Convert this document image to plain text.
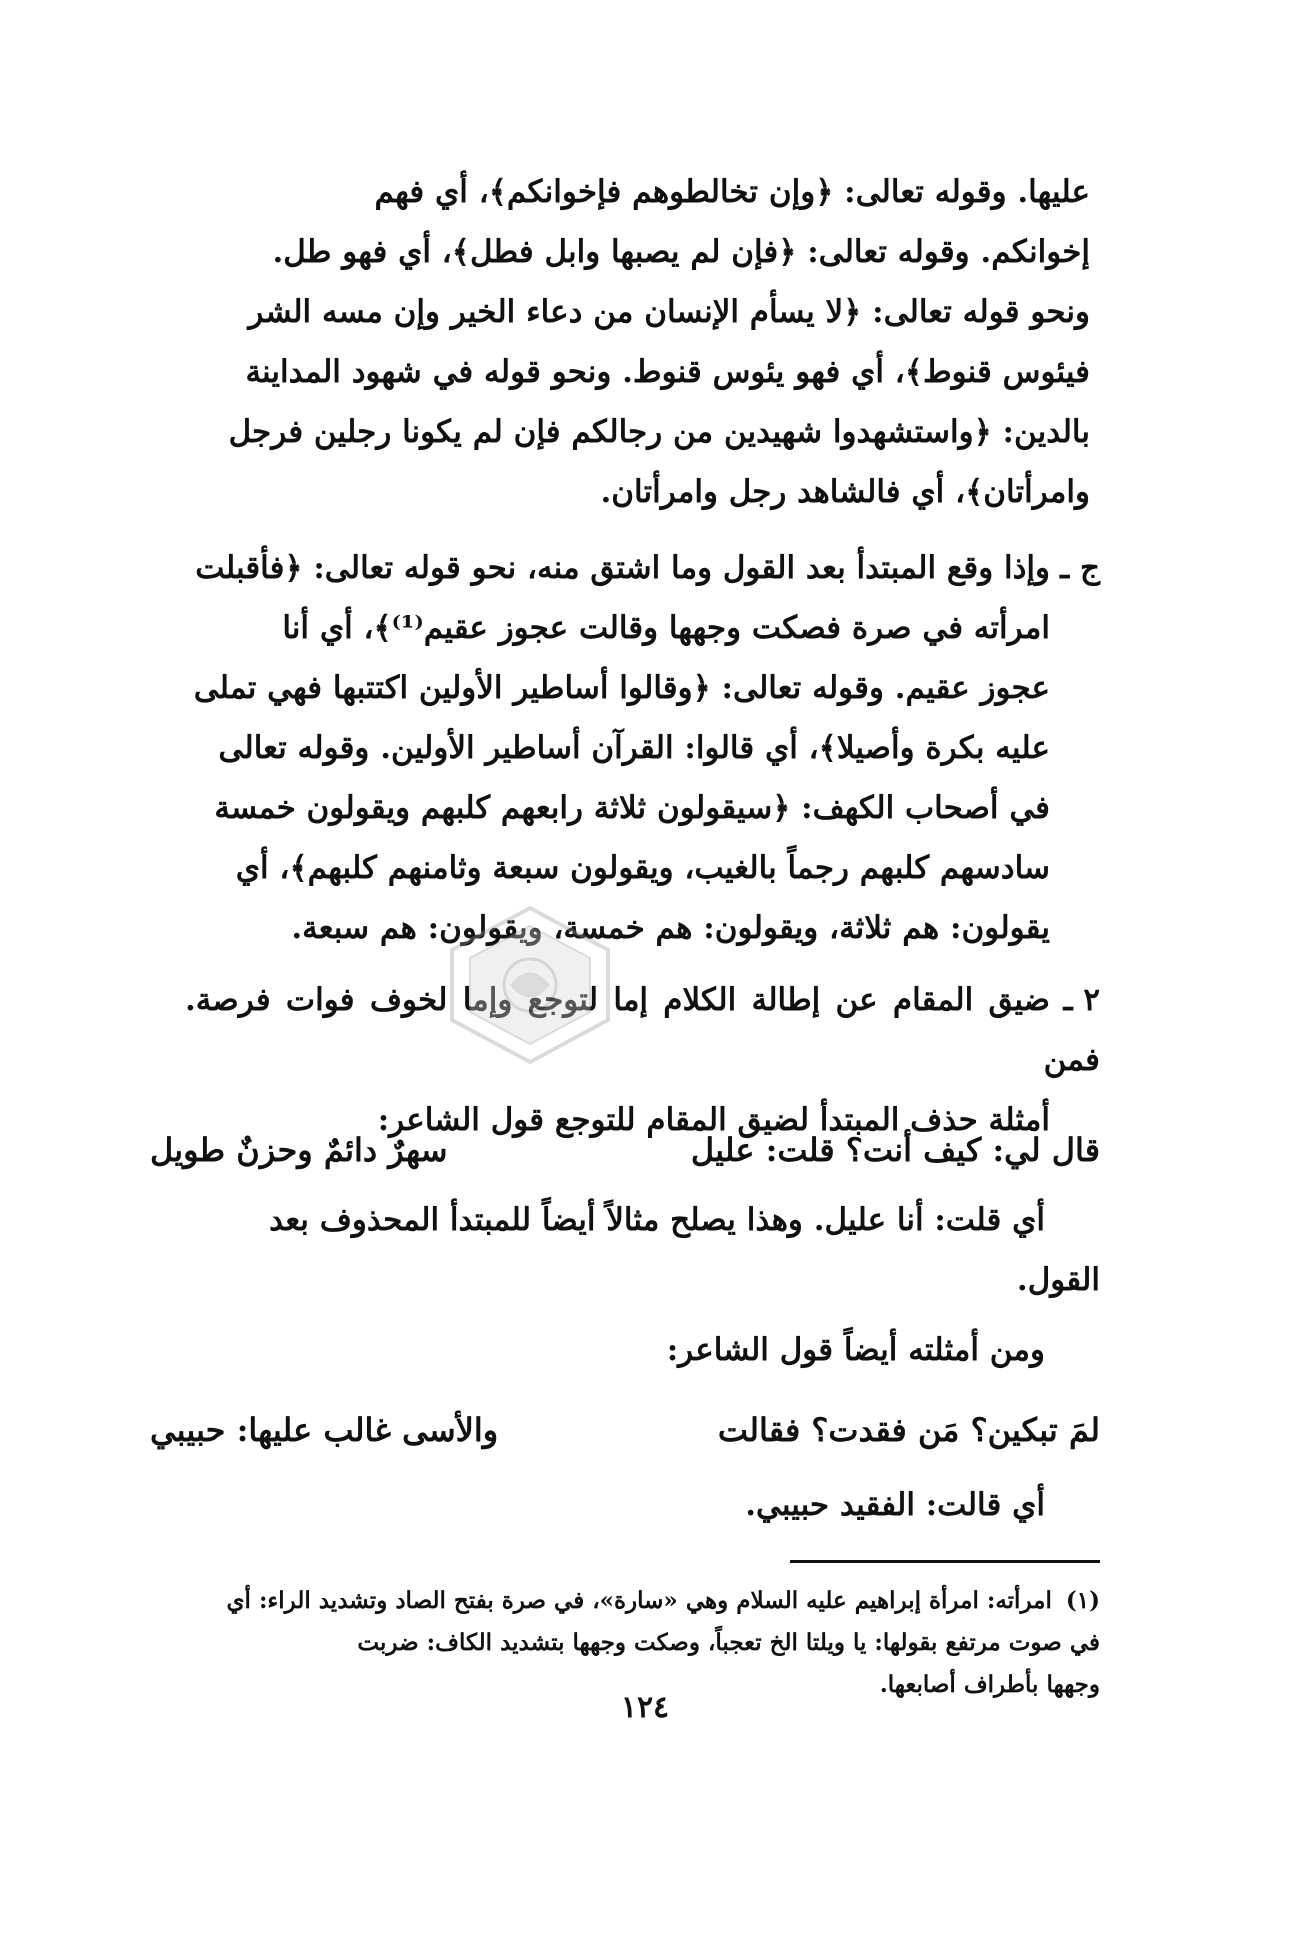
عليها. وقوله تعالى: ﴿وإن تخالطوهم فإخوانكم﴾، أي فهم
إخوانكم. وقوله تعالى: ﴿فإن لم يصبها وابل فطل﴾، أي فهو طل.
ونحو قوله تعالى: ﴿لا يسأم الإنسان من دعاء الخير وإن مسه الشر
فيئوس قنوط﴾، أي فهو يئوس قنوط. ونحو قوله في شهود المداينة
بالدين: ﴿واستشهدوا شهيدين من رجالكم فإن لم يكونا رجلين فرجل
وامرأتان﴾، أي فالشاهد رجل وامرأتان.
ج ـوإذا وقع المبتدأ بعد القول وما اشتق منه، نحو قوله تعالى: ﴿فأقبلت
امرأته في صرة فصكت وجهها وقالت عجوز عقيم⁽¹⁾﴾، أي أنا
عجوز عقيم. وقوله تعالى: ﴿وقالوا أساطير الأولين اكتتبها فهي تملى
عليه بكرة وأصيلا﴾، أي قالوا: القرآن أساطير الأولين. وقوله تعالى
في أصحاب الكهف: ﴿سيقولون ثلاثة رابعهم كلبهم ويقولون خمسة
سادسهم كلبهم رجماً بالغيب، ويقولون سبعة وثامنهم كلبهم﴾، أي
يقولون: هم ثلاثة، ويقولون: هم خمسة، ويقولون: هم سبعة.
٢ ـضيق المقام عن إطالة الكلام إما لتوجع وإما لخوف فوات فرصة. فمن
أمثلة حذف المبتدأ لضيق المقام للتوجع قول الشاعر:
قال لي: كيف أنت؟ قلت: عليل
سهرٌ دائمٌ وحزنٌ طويل
أي قلت: أنا عليل. وهذا يصلح مثالاً أيضاً للمبتدأ المحذوف بعد
القول.
ومن أمثلته أيضاً قول الشاعر:
لمَ تبكين؟ مَن فقدت؟ فقالت
والأسى غالب عليها: حبيبي
أي قالت: الفقيد حبيبي.
(١)امرأته: امرأة إبراهيم عليه السلام وهي «سارة»، في صرة بفتح الصاد وتشديد الراء: أي
في صوت مرتفع بقولها: يا ويلتا الخ تعجباً، وصكت وجهها بتشديد الكاف: ضربت
وجهها بأطراف أصابعها.
١٢٤
